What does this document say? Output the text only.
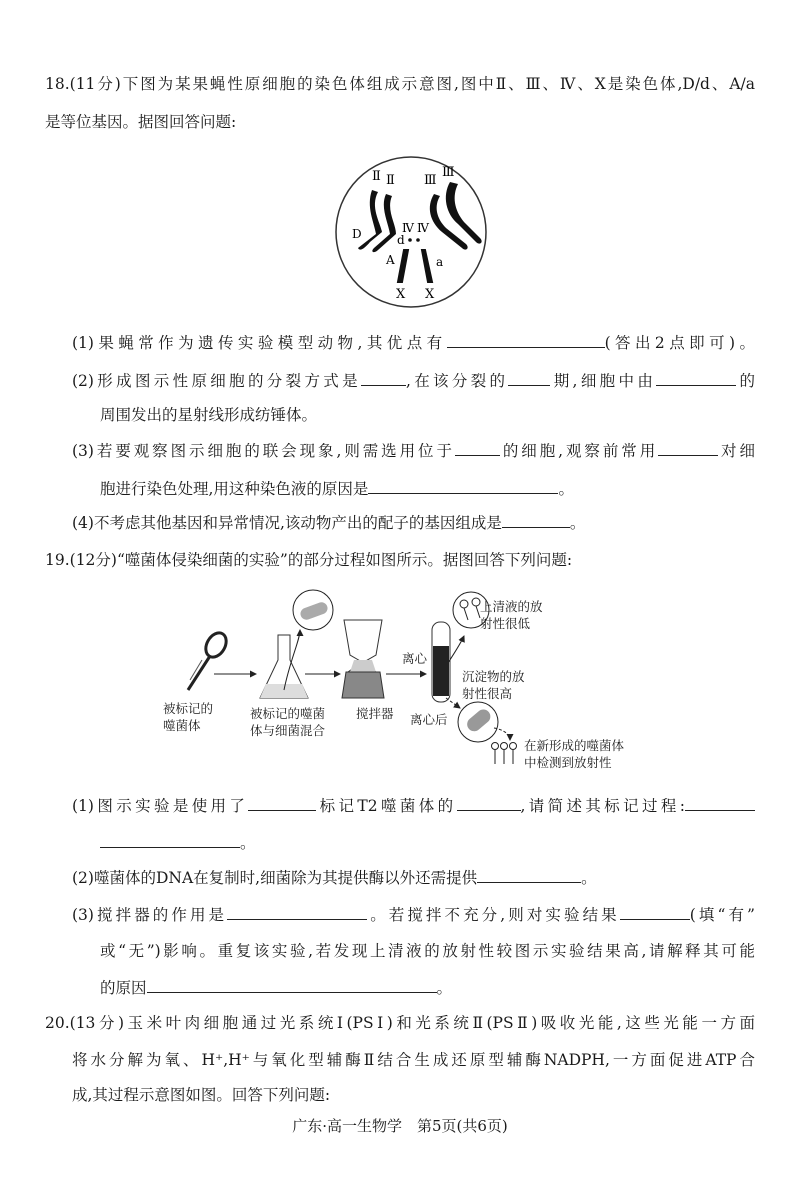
18.(11分)下图为某果蝇性原细胞的染色体组成示意图,图中Ⅱ、Ⅲ、Ⅳ、X是染色体,D/d、A/a
是等位基因。据图回答问题:
Ⅱ Ⅱ Ⅲ
Ⅲ
Ⅳ Ⅳ
D	d
A	a
X X
(1)果蝇常作为遗传实验模型动物,其优点有	(答出2点即可)。
(2)形成图示性原细胞的分裂方式是	,在该分裂的	期,细胞中由	的
周围发出的星射线形成纺锤体。
(3)若要观察图示细胞的联会现象,则需选用位于	的细胞,观察前常用	对细
胞进行染色处理,用这种染色液的原因是	。
(4)不考虑其他基因和异常情况,该动物产出的配子的基因组成是	。
19.(12分)“噬菌体侵染细菌的实验”的部分过程如图所示。据图回答下列问题:
被标记的
噬菌体
被标记的噬菌
体与细菌混合
搅拌器
离心
离心后
上清液的放
射性很低
沉淀物的放
射性很高
在新形成的噬菌体
中检测到放射性
(1)图示实验是使用了	标记T2噬菌体的	,请简述其标记过程:
。
(2)噬菌体的DNA在复制时,细菌除为其提供酶以外还需提供	。
(3)搅拌器的作用是	。若搅拌不充分,则对实验结果	(填“有”
或“无”)影响。重复该实验,若发现上清液的放射性较图示实验结果高,请解释其可能
的原因	。
20.(13分)玉米叶肉细胞通过光系统Ⅰ(PSⅠ)和光系统Ⅱ(PSⅡ)吸收光能,这些光能一方面
将水分解为氧、H⁺,H⁺与氧化型辅酶Ⅱ结合生成还原型辅酶NADPH,一方面促进ATP合
成,其过程示意图如图。回答下列问题:
广东·高一生物学　第5页(共6页)
